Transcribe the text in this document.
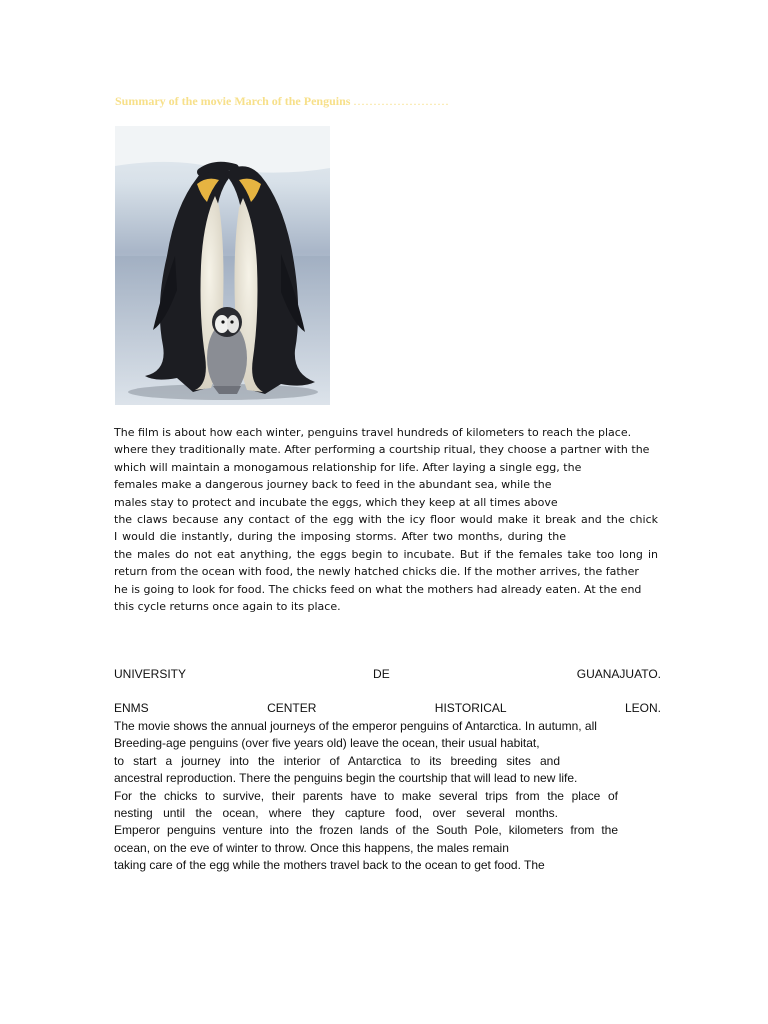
Summary of the movie March of the Penguins ........................
The film is about how each winter, penguins travel hundreds of kilometers to reach the place.
where they traditionally mate. After performing a courtship ritual, they choose a partner with the
which will maintain a monogamous relationship for life. After laying a single egg, the
females make a dangerous journey back to feed in the abundant sea, while the
males stay to protect and incubate the eggs, which they keep at all times above
the claws because any contact of the egg with the icy floor would make it break and the chick
I would die instantly, during the imposing storms. After two months, during the
the males do not eat anything, the eggs begin to incubate. But if the females take too long in
return from the ocean with food, the newly hatched chicks die. If the mother arrives, the father
he is going to look for food. The chicks feed on what the mothers had already eaten. At the end
this cycle returns once again to its place.
UNIVERSITY	DE	GUANAJUATO.
ENMS	CENTER	HISTORICAL	LEON.
The movie shows the annual journeys of the emperor penguins of Antarctica. In autumn, all
Breeding-age penguins (over five years old) leave the ocean, their usual habitat,
to start a journey into the interior of Antarctica to its breeding sites and
ancestral reproduction. There the penguins begin the courtship that will lead to new life.
For the chicks to survive, their parents have to make several trips from the place of
nesting until the ocean, where they capture food, over several months.
Emperor penguins venture into the frozen lands of the South Pole, kilometers from the
ocean, on the eve of winter to throw. Once this happens, the males remain
taking care of the egg while the mothers travel back to the ocean to get food. The
